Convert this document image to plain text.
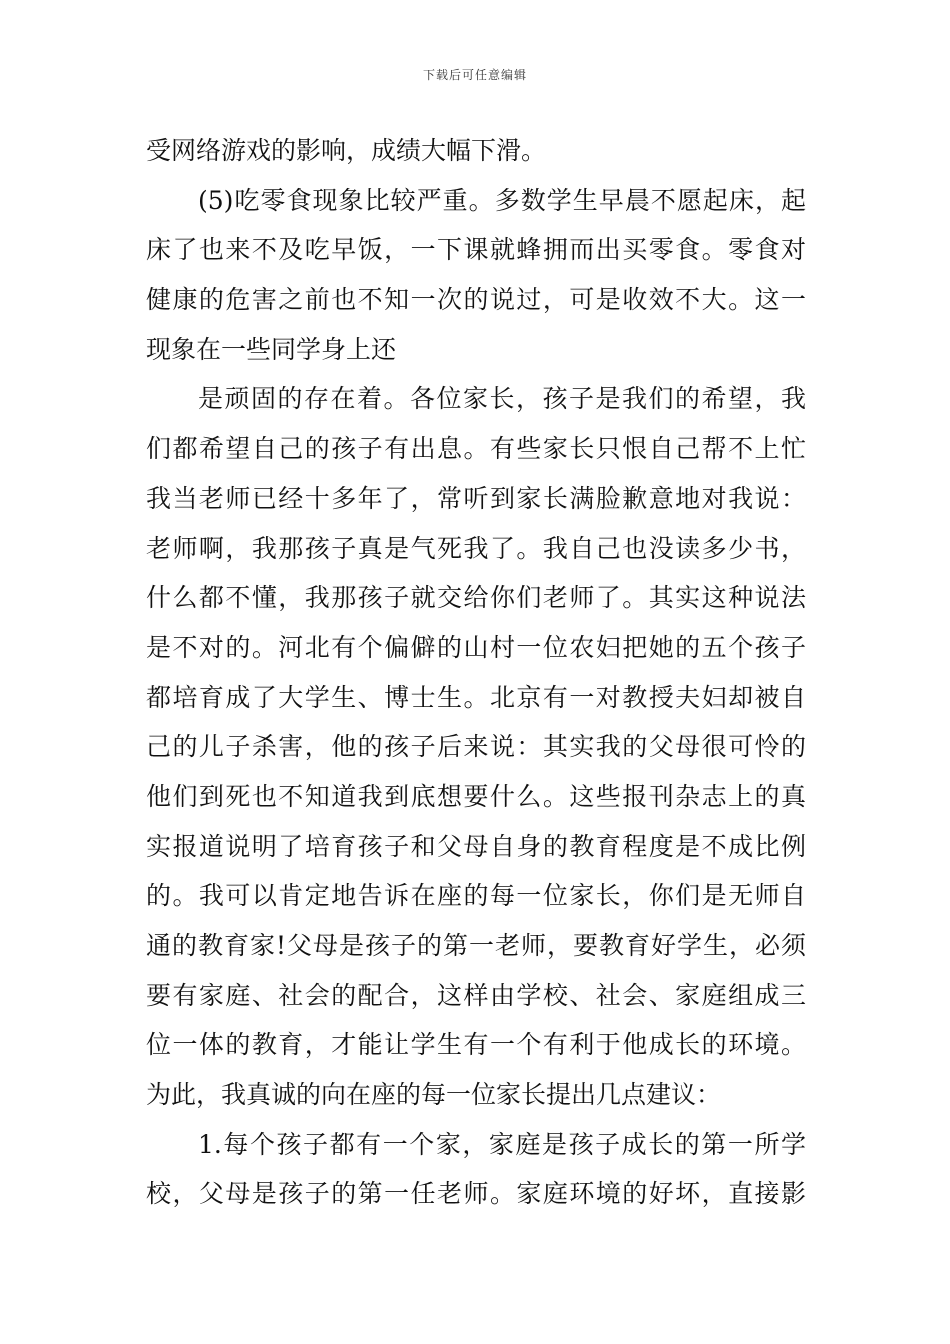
下载后可任意编辑
受网络游戏的影响，成绩大幅下滑。
(5)吃零食现象比较严重。多数学生早晨不愿起床，起
床了也来不及吃早饭，一下课就蜂拥而出买零食。零食对
健康的危害之前也不知一次的说过，可是收效不大。这一
现象在一些同学身上还
是顽固的存在着。各位家长，孩子是我们的希望，我
们都希望自己的孩子有出息。有些家长只恨自己帮不上忙
我当老师已经十多年了，常听到家长满脸歉意地对我说：
老师啊，我那孩子真是气死我了。我自己也没读多少书，
什么都不懂，我那孩子就交给你们老师了。其实这种说法
是不对的。河北有个偏僻的山村一位农妇把她的五个孩子
都培育成了大学生、博士生。北京有一对教授夫妇却被自
己的儿子杀害，他的孩子后来说：其实我的父母很可怜的
他们到死也不知道我到底想要什么。这些报刊杂志上的真
实报道说明了培育孩子和父母自身的教育程度是不成比例
的。我可以肯定地告诉在座的每一位家长，你们是无师自
通的教育家!父母是孩子的第一老师，要教育好学生，必须
要有家庭、社会的配合，这样由学校、社会、家庭组成三
位一体的教育，才能让学生有一个有利于他成长的环境。
为此，我真诚的向在座的每一位家长提出几点建议：
1.每个孩子都有一个家，家庭是孩子成长的第一所学
校，父母是孩子的第一任老师。家庭环境的好坏，直接影
